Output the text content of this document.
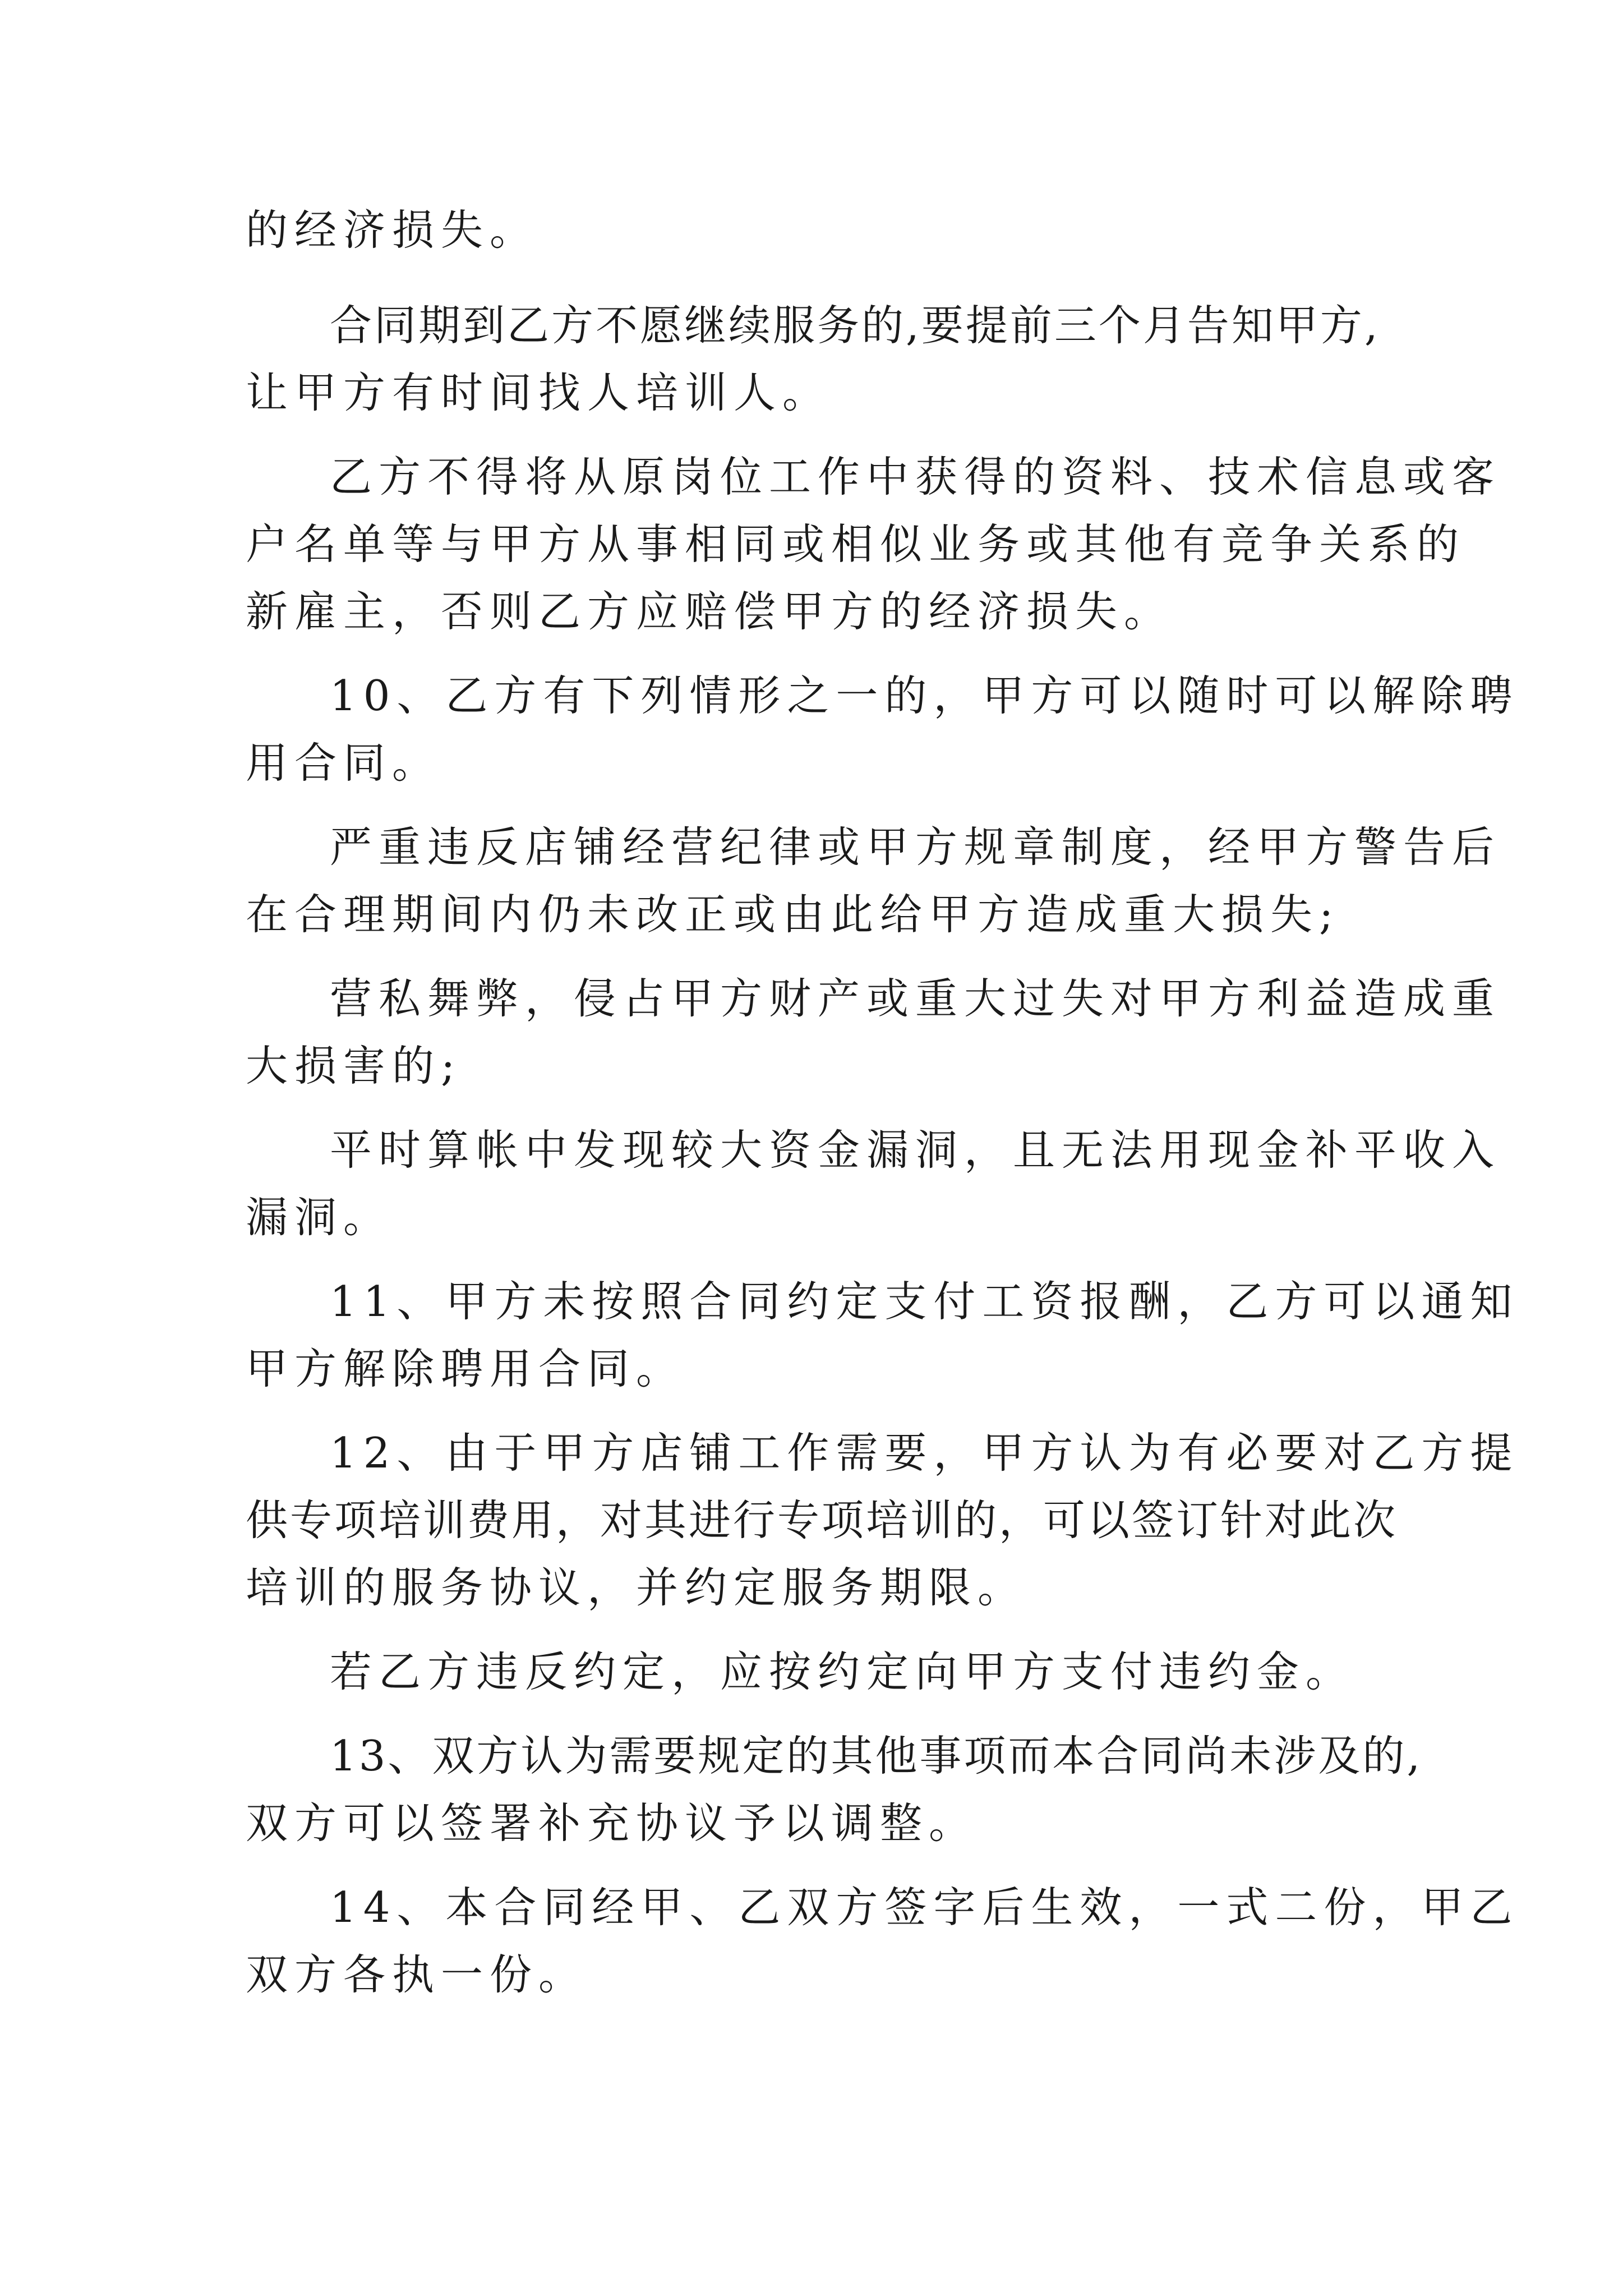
的经济损失。
合同期到乙方不愿继续服务的,要提前三个月告知甲方,
让甲方有时间找人培训人。
乙方不得将从原岗位工作中获得的资料、技术信息或客
户名单等与甲方从事相同或相似业务或其他有竞争关系的
新雇主，否则乙方应赔偿甲方的经济损失。
10、乙方有下列情形之一的，甲方可以随时可以解除聘
用合同。
严重违反店铺经营纪律或甲方规章制度，经甲方警告后
在合理期间内仍未改正或由此给甲方造成重大损失;
营私舞弊，侵占甲方财产或重大过失对甲方利益造成重
大损害的;
平时算帐中发现较大资金漏洞，且无法用现金补平收入
漏洞。
11、甲方未按照合同约定支付工资报酬，乙方可以通知
甲方解除聘用合同。
12、由于甲方店铺工作需要，甲方认为有必要对乙方提
供专项培训费用，对其进行专项培训的，可以签订针对此次
培训的服务协议，并约定服务期限。
若乙方违反约定，应按约定向甲方支付违约金。
13、双方认为需要规定的其他事项而本合同尚未涉及的,
双方可以签署补充协议予以调整。
14、本合同经甲、乙双方签字后生效，一式二份，甲乙
双方各执一份。
